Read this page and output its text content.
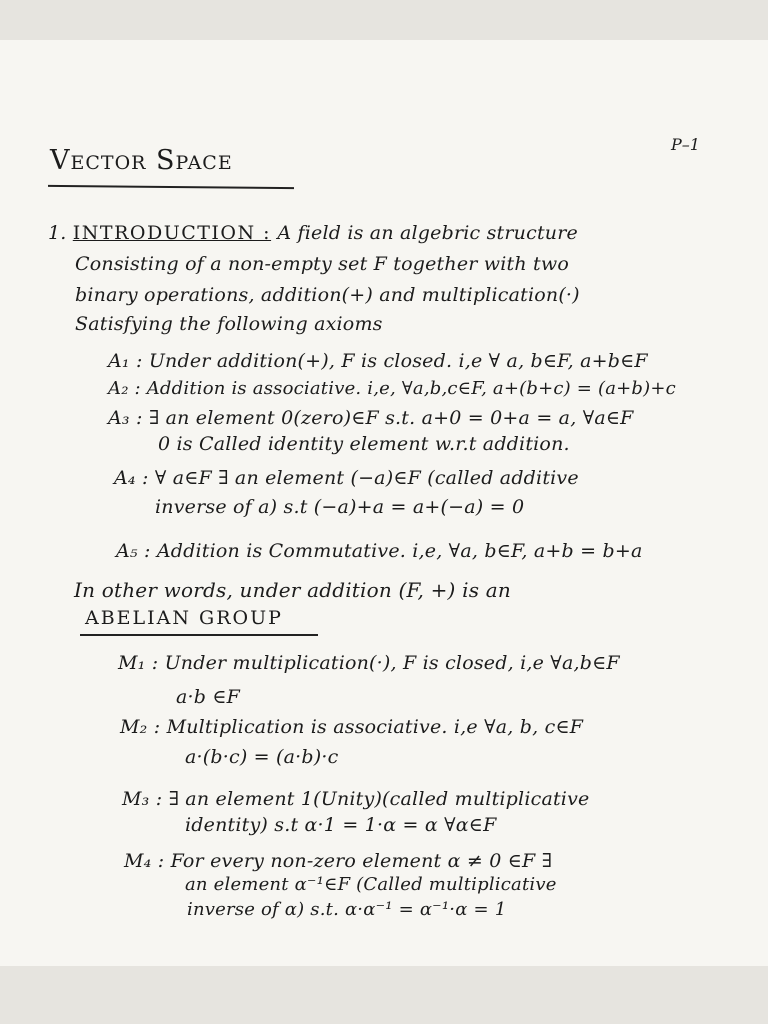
P–1
Vector Space
1. INTRODUCTION : A field is an algebric structure
Consisting of a non-empty set F together with two
binary operations, addition(+) and multiplication(·)
Satisfying the following axioms
A₁ : Under addition(+), F is closed. i,e ∀ a, b∈F, a+b∈F
A₂ : Addition is associative. i,e, ∀a,b,c∈F, a+(b+c) = (a+b)+c
A₃ : ∃ an element 0(zero)∈F s.t. a+0 = 0+a = a, ∀a∈F
0 is Called identity element w.r.t addition.
A₄ : ∀ a∈F ∃ an element (−a)∈F (called additive
inverse of a) s.t (−a)+a = a+(−a) = 0
A₅ : Addition is Commutative. i,e, ∀a, b∈F, a+b = b+a
In other words, under addition (F, +) is an
ABELIAN GROUP
M₁ : Under multiplication(·), F is closed, i,e ∀a,b∈F
a·b ∈F
M₂ : Multiplication is associative. i,e ∀a, b, c∈F
a·(b·c) = (a·b)·c
M₃ : ∃ an element 1(Unity)(called multiplicative
identity) s.t α·1 = 1·α = α ∀α∈F
M₄ : For every non-zero element α ≠ 0 ∈F ∃
an element α⁻¹∈F (Called multiplicative
inverse of α) s.t. α·α⁻¹ = α⁻¹·α = 1
